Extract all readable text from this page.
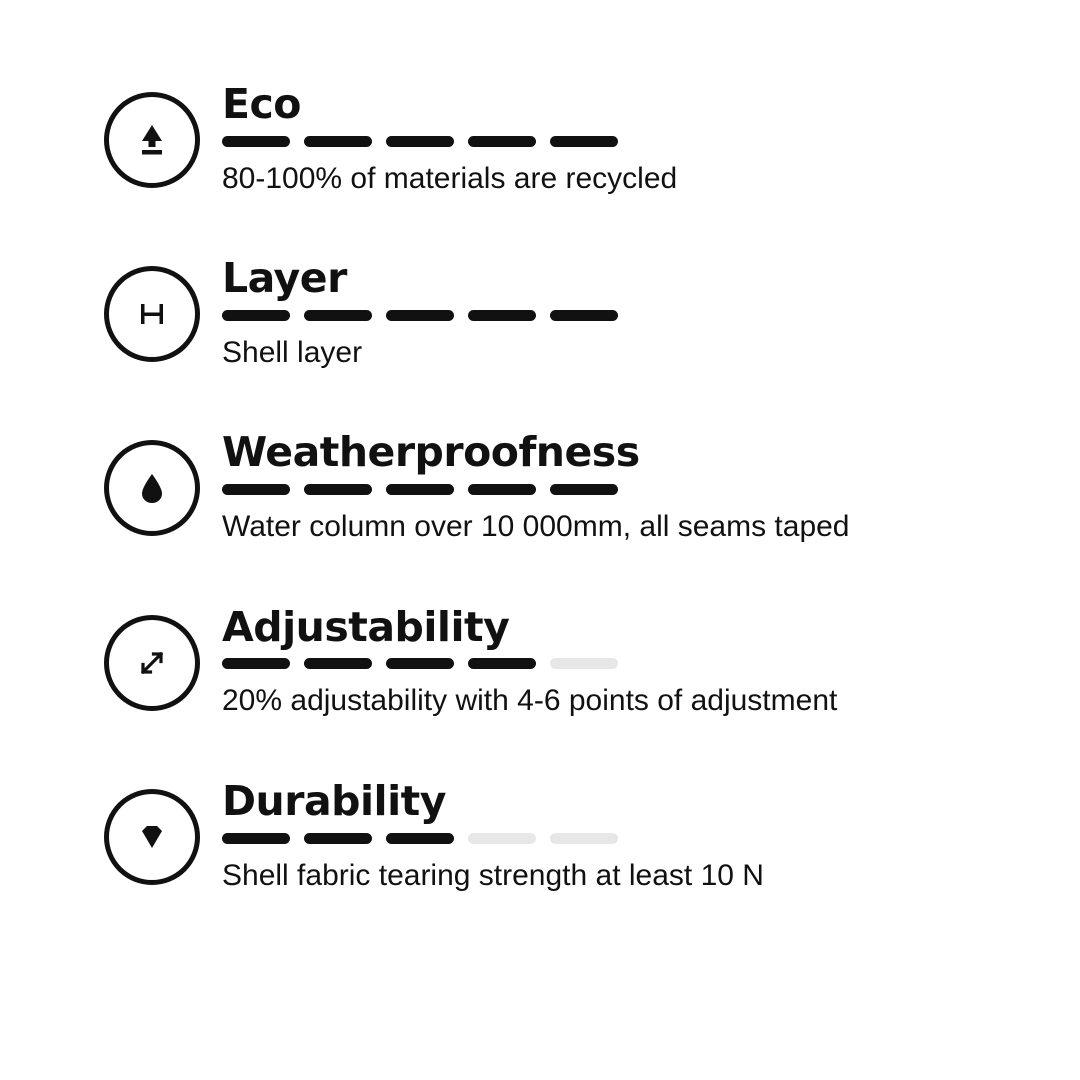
Eco

80-100% of materials are recycled

Layer

Shell layer

Weatherproofness

Water column over 10 000mm, all seams taped

Adjustability

20% adjustability with 4-6 points of adjustment

Durability

Shell fabric tearing strength at least 10 N
